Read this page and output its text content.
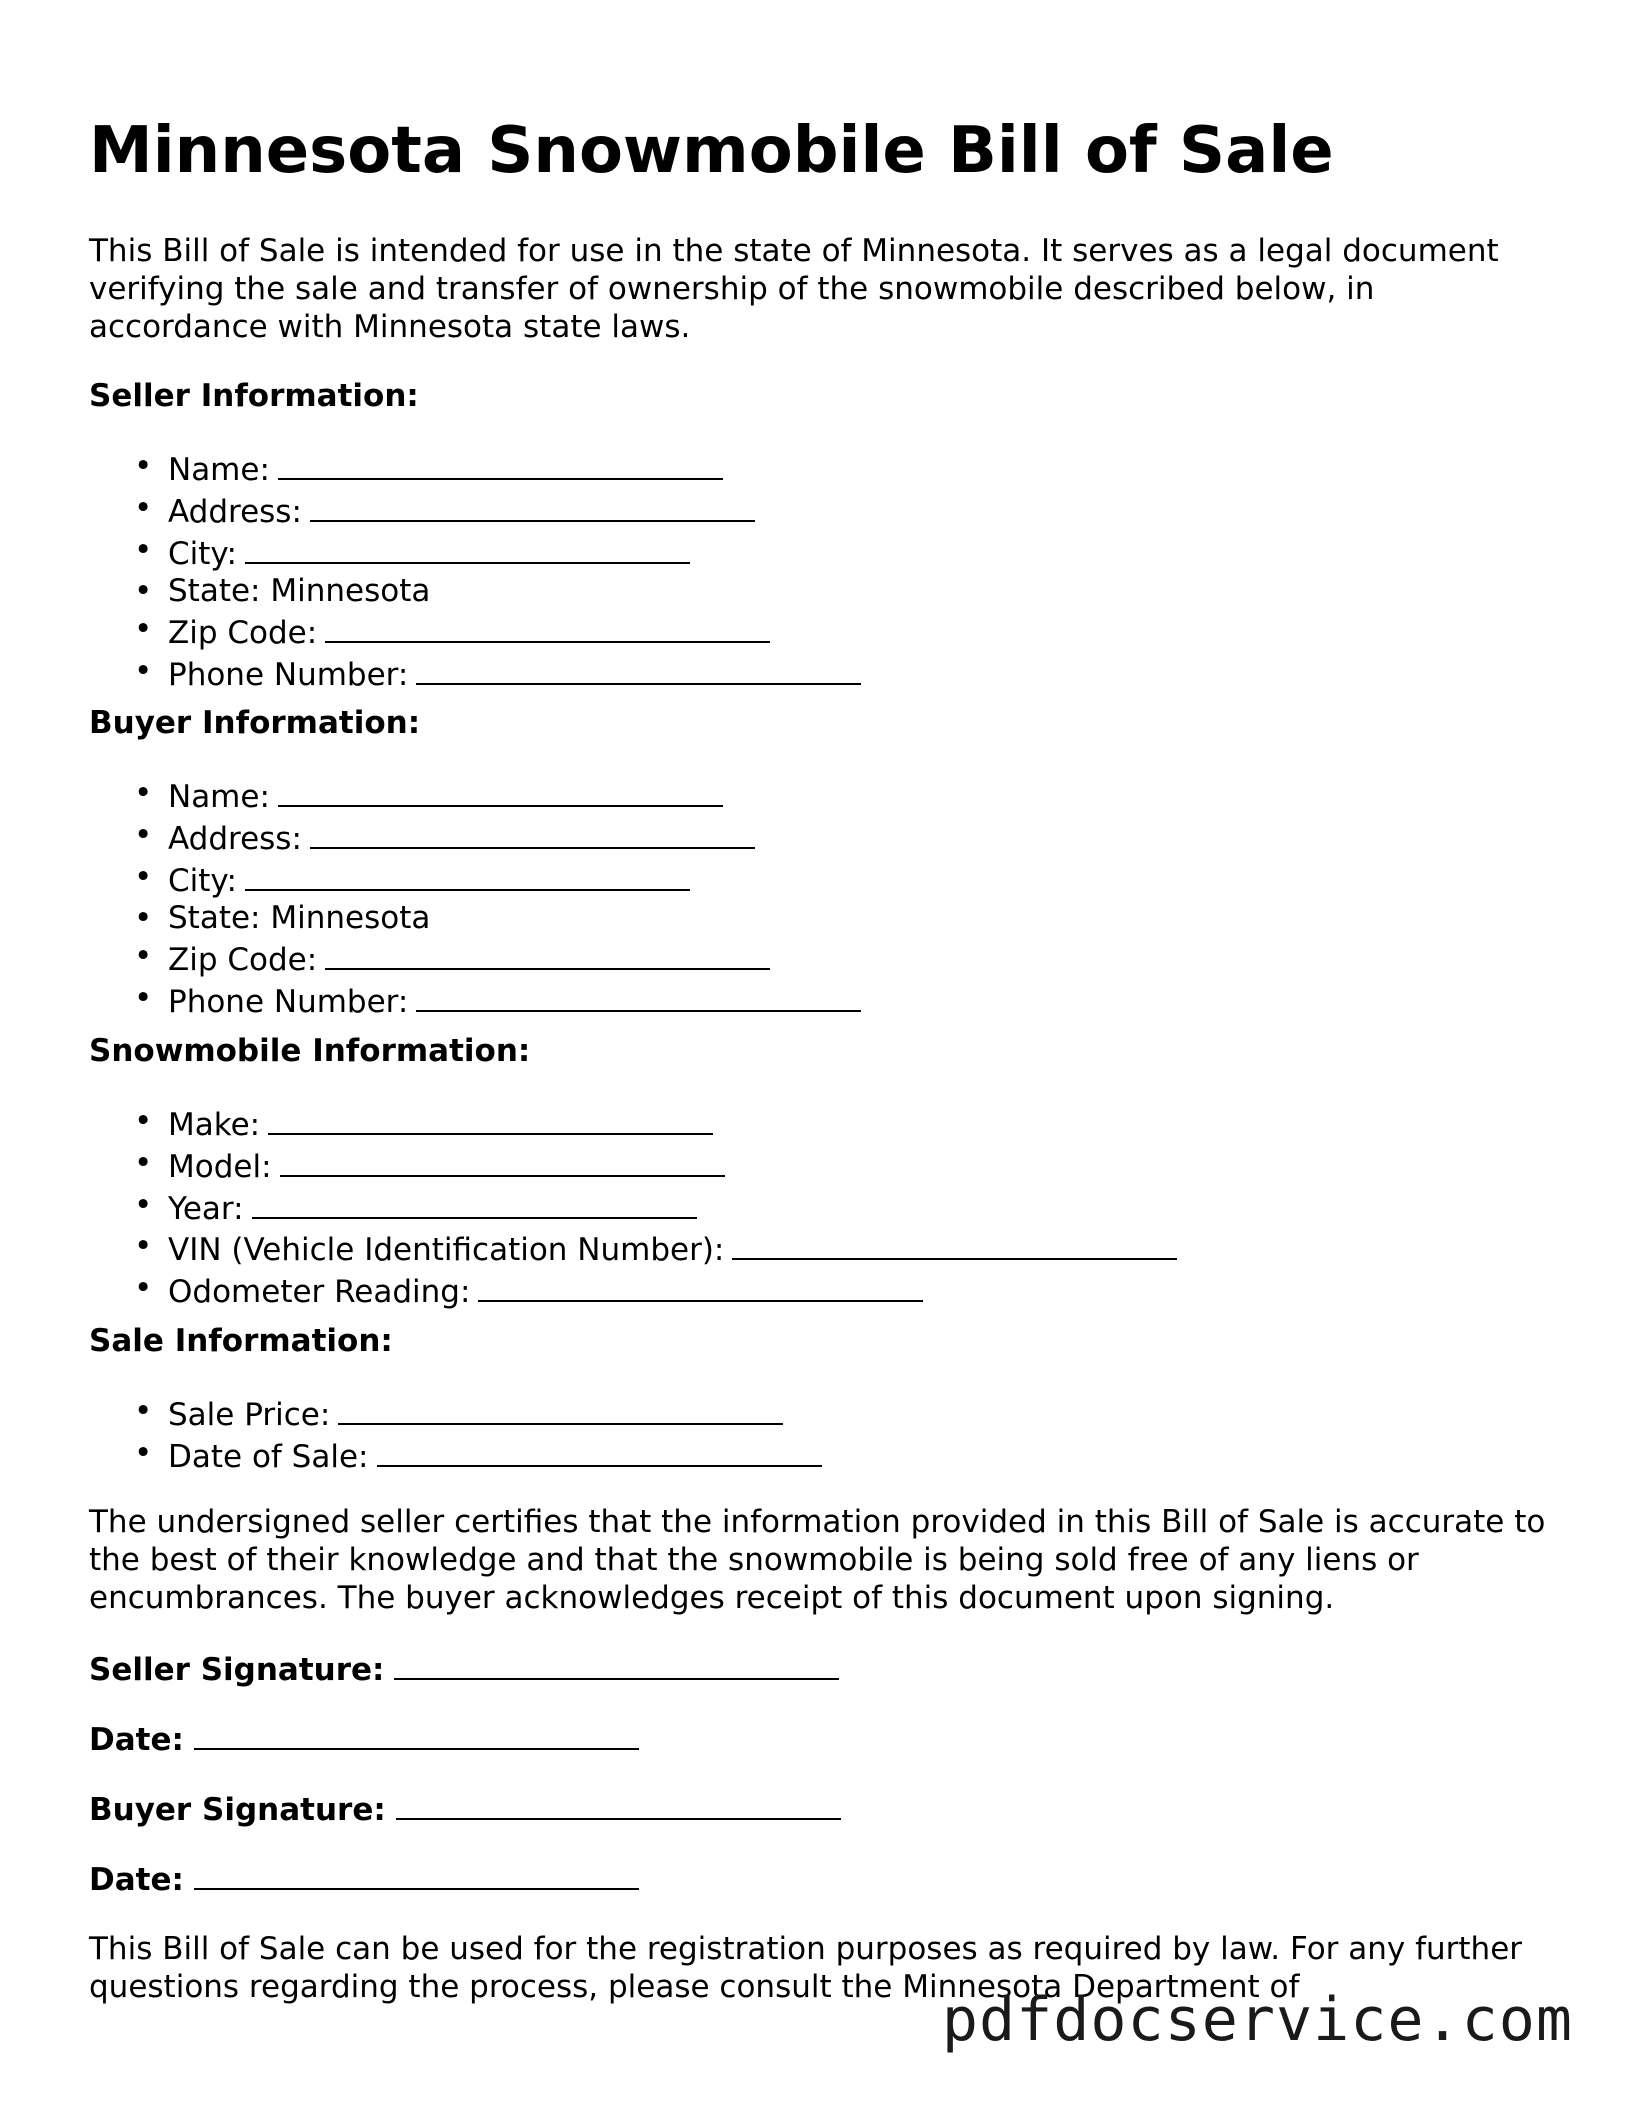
Minnesota Snowmobile Bill of Sale

This Bill of Sale is intended for use in the state of Minnesota. It serves as a legal document verifying the sale and transfer of ownership of the snowmobile described below, in accordance with Minnesota state laws.

Seller Information:

• Name:
• Address:
• City:
• State: Minnesota
• Zip Code:
• Phone Number:

Buyer Information:

• Name:
• Address:
• City:
• State: Minnesota
• Zip Code:
• Phone Number:

Snowmobile Information:

• Make:
• Model:
• Year:
• VIN (Vehicle Identification Number):
• Odometer Reading:

Sale Information:

• Sale Price:
• Date of Sale:

The undersigned seller certifies that the information provided in this Bill of Sale is accurate to the best of their knowledge and that the snowmobile is being sold free of any liens or encumbrances. The buyer acknowledges receipt of this document upon signing.

Seller Signature:

Date:

Buyer Signature:

Date:

This Bill of Sale can be used for the registration purposes as required by law. For any further questions regarding the process, please consult the Minnesota Department of

pdfdocservice.com
